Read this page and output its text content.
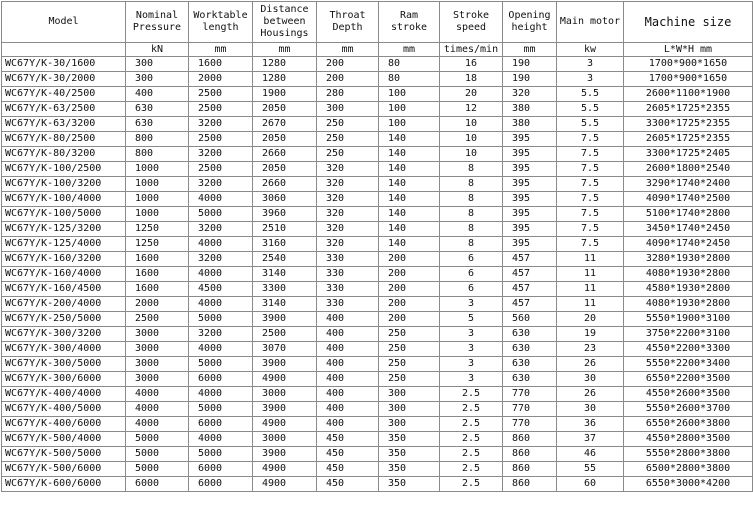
Model	Nominal Pressure	Worktable length	Distance between Housings	Throat Depth	Ram stroke	Stroke speed	Opening height	Main motor	Machine size
	kN	mm	mm	mm	mm	times/min	mm	kw	L*W*H mm
WC67Y/K-30/1600	300	1600	1280	200	80	16	190	3	1700*900*1650
WC67Y/K-30/2000	300	2000	1280	200	80	18	190	3	1700*900*1650
WC67Y/K-40/2500	400	2500	1900	280	100	20	320	5.5	2600*1100*1900
WC67Y/K-63/2500	630	2500	2050	300	100	12	380	5.5	2605*1725*2355
WC67Y/K-63/3200	630	3200	2670	250	100	10	380	5.5	3300*1725*2355
WC67Y/K-80/2500	800	2500	2050	250	140	10	395	7.5	2605*1725*2355
WC67Y/K-80/3200	800	3200	2660	250	140	10	395	7.5	3300*1725*2405
WC67Y/K-100/2500	1000	2500	2050	320	140	8	395	7.5	2600*1800*2540
WC67Y/K-100/3200	1000	3200	2660	320	140	8	395	7.5	3290*1740*2400
WC67Y/K-100/4000	1000	4000	3060	320	140	8	395	7.5	4090*1740*2500
WC67Y/K-100/5000	1000	5000	3960	320	140	8	395	7.5	5100*1740*2800
WC67Y/K-125/3200	1250	3200	2510	320	140	8	395	7.5	3450*1740*2450
WC67Y/K-125/4000	1250	4000	3160	320	140	8	395	7.5	4090*1740*2450
WC67Y/K-160/3200	1600	3200	2540	330	200	6	457	11	3280*1930*2800
WC67Y/K-160/4000	1600	4000	3140	330	200	6	457	11	4080*1930*2800
WC67Y/K-160/4500	1600	4500	3300	330	200	6	457	11	4580*1930*2800
WC67Y/K-200/4000	2000	4000	3140	330	200	3	457	11	4080*1930*2800
WC67Y/K-250/5000	2500	5000	3900	400	200	5	560	20	5550*1900*3100
WC67Y/K-300/3200	3000	3200	2500	400	250	3	630	19	3750*2200*3100
WC67Y/K-300/4000	3000	4000	3070	400	250	3	630	23	4550*2200*3300
WC67Y/K-300/5000	3000	5000	3900	400	250	3	630	26	5550*2200*3400
WC67Y/K-300/6000	3000	6000	4900	400	250	3	630	30	6550*2200*3500
WC67Y/K-400/4000	4000	4000	3000	400	300	2.5	770	26	4550*2600*3500
WC67Y/K-400/5000	4000	5000	3900	400	300	2.5	770	30	5550*2600*3700
WC67Y/K-400/6000	4000	6000	4900	400	300	2.5	770	36	6550*2600*3800
WC67Y/K-500/4000	5000	4000	3000	450	350	2.5	860	37	4550*2800*3500
WC67Y/K-500/5000	5000	5000	3900	450	350	2.5	860	46	5550*2800*3800
WC67Y/K-500/6000	5000	6000	4900	450	350	2.5	860	55	6500*2800*3800
WC67Y/K-600/6000	6000	6000	4900	450	350	2.5	860	60	6550*3000*4200
